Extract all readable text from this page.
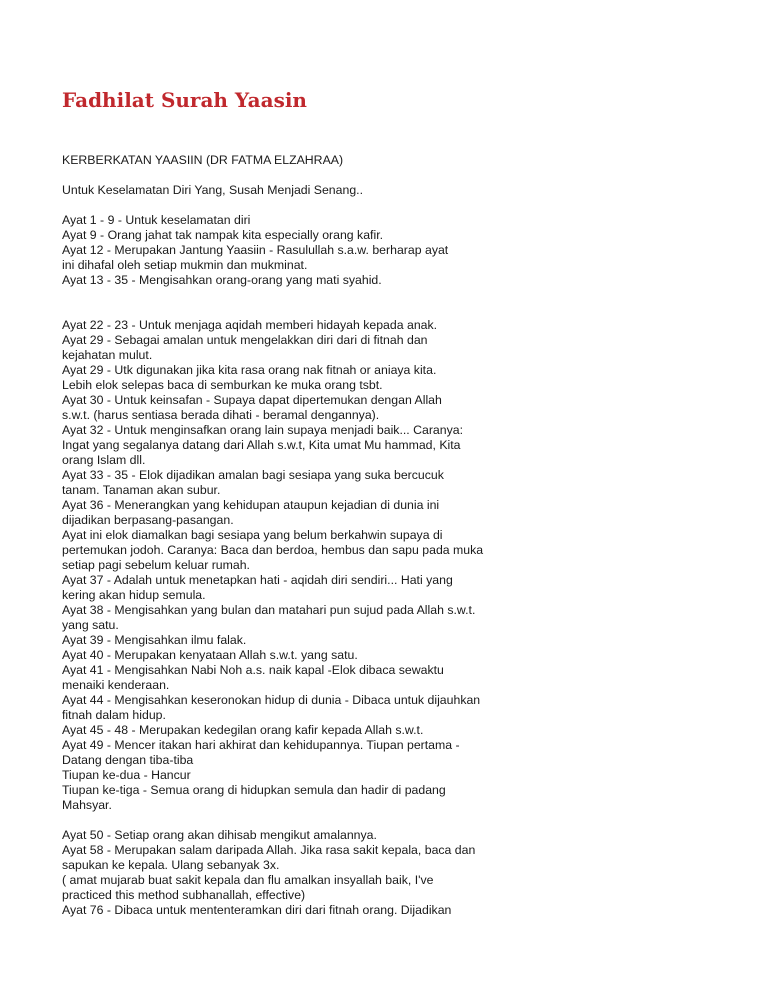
Fadhilat Surah Yaasin
KERBERKATAN YAASIIN (DR FATMA ELZAHRAA)
Untuk Keselamatan Diri Yang, Susah Menjadi Senang..
Ayat 1 - 9 - Untuk keselamatan diri
Ayat 9 - Orang jahat tak nampak kita especially orang kafir.
Ayat 12 - Merupakan Jantung Yaasiin - Rasulullah s.a.w. berharap ayat
ini dihafal oleh setiap mukmin dan mukminat.
Ayat 13 - 35 - Mengisahkan orang-orang yang mati syahid.
Ayat 22 - 23 - Untuk menjaga aqidah memberi hidayah kepada anak.
Ayat 29 - Sebagai amalan untuk mengelakkan diri dari di fitnah dan
kejahatan mulut.
Ayat 29 - Utk digunakan jika kita rasa orang nak fitnah or aniaya kita.
Lebih elok selepas baca di semburkan ke muka orang tsbt.
Ayat 30 - Untuk keinsafan - Supaya dapat dipertemukan dengan Allah
s.w.t. (harus sentiasa berada dihati - beramal dengannya).
Ayat 32 - Untuk menginsafkan orang lain supaya menjadi baik... Caranya:
Ingat yang segalanya datang dari Allah s.w.t, Kita umat Mu hammad, Kita
orang Islam dll.
Ayat 33 - 35 - Elok dijadikan amalan bagi sesiapa yang suka bercucuk
tanam. Tanaman akan subur.
Ayat 36 - Menerangkan yang kehidupan ataupun kejadian di dunia ini
dijadikan berpasang-pasangan.
Ayat ini elok diamalkan bagi sesiapa yang belum berkahwin supaya di
pertemukan jodoh. Caranya: Baca dan berdoa, hembus dan sapu pada muka
setiap pagi sebelum keluar rumah.
Ayat 37 - Adalah untuk menetapkan hati - aqidah diri sendiri... Hati yang
kering akan hidup semula.
Ayat 38 - Mengisahkan yang bulan dan matahari pun sujud pada Allah s.w.t.
yang satu.
Ayat 39 - Mengisahkan ilmu falak.
Ayat 40 - Merupakan kenyataan Allah s.w.t. yang satu.
Ayat 41 - Mengisahkan Nabi Noh a.s. naik kapal -Elok dibaca sewaktu
menaiki kenderaan.
Ayat 44 - Mengisahkan keseronokan hidup di dunia - Dibaca untuk dijauhkan
fitnah dalam hidup.
Ayat 45 - 48 - Merupakan kedegilan orang kafir kepada Allah s.w.t.
Ayat 49 - Mencer itakan hari akhirat dan kehidupannya. Tiupan pertama -
Datang dengan tiba-tiba
Tiupan ke-dua - Hancur
Tiupan ke-tiga - Semua orang di hidupkan semula dan hadir di padang
Mahsyar.
Ayat 50 - Setiap orang akan dihisab mengikut amalannya.
Ayat 58 - Merupakan salam daripada Allah. Jika rasa sakit kepala, baca dan
sapukan ke kepala. Ulang sebanyak 3x.
( amat mujarab buat sakit kepala dan flu amalkan insyallah baik, I've
practiced this method subhanallah, effective)
Ayat 76 - Dibaca untuk mententeramkan diri dari fitnah orang. Dijadikan
